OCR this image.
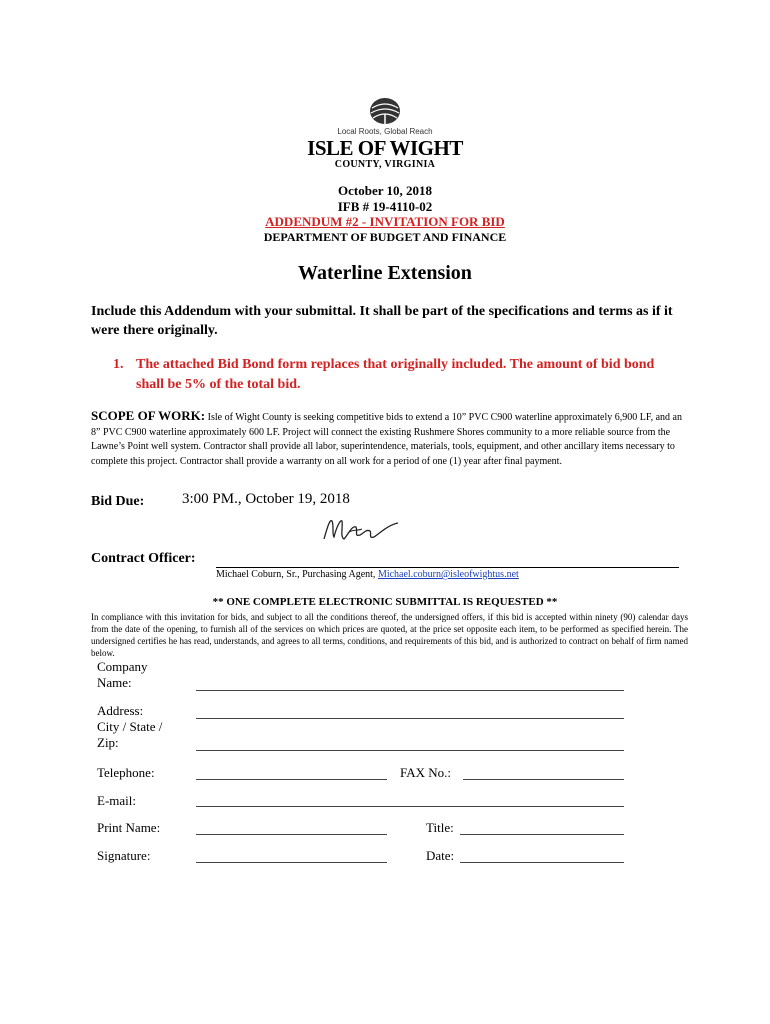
Local Roots, Global Reach
ISLE OF WIGHT
COUNTY, VIRGINIA
October 10, 2018
IFB # 19-4110-02
ADDENDUM #2 - INVITATION FOR BID
DEPARTMENT OF BUDGET AND FINANCE
Waterline Extension
Include this Addendum with your submittal. It shall be part of the specifications and terms as if it were there originally.
1. The attached Bid Bond form replaces that originally included. The amount of bid bond shall be 5% of the total bid.
SCOPE OF WORK: Isle of Wight County is seeking competitive bids to extend a 10” PVC C900 waterline approximately 6,900 LF, and an 8” PVC C900 waterline approximately 600 LF. Project will connect the existing Rushmere Shores community to a more reliable source from the Lawne’s Point well system. Contractor shall provide all labor, superintendence, materials, tools, equipment, and other ancillary items necessary to complete this project. Contractor shall provide a warranty on all work for a period of one (1) year after final payment.
Bid Due:	3:00 PM., October 19, 2018
Contract Officer:
Michael Coburn, Sr., Purchasing Agent, Michael.coburn@isleofwightus.net
** ONE COMPLETE ELECTRONIC SUBMITTAL IS REQUESTED **
In compliance with this invitation for bids, and subject to all the conditions thereof, the undersigned offers, if this bid is accepted within ninety (90) calendar days from the date of the opening, to furnish all of the services on which prices are quoted, at the price set opposite each item, to be performed as specified herein. The undersigned certifies he has read, understands, and agrees to all terms, conditions, and requirements of this bid, and is authorized to contract on behalf of firm named below.
Company Name:
Address:
City / State / Zip:
Telephone:	FAX No.:
E-mail:
Print Name:	Title:
Signature:	Date:
